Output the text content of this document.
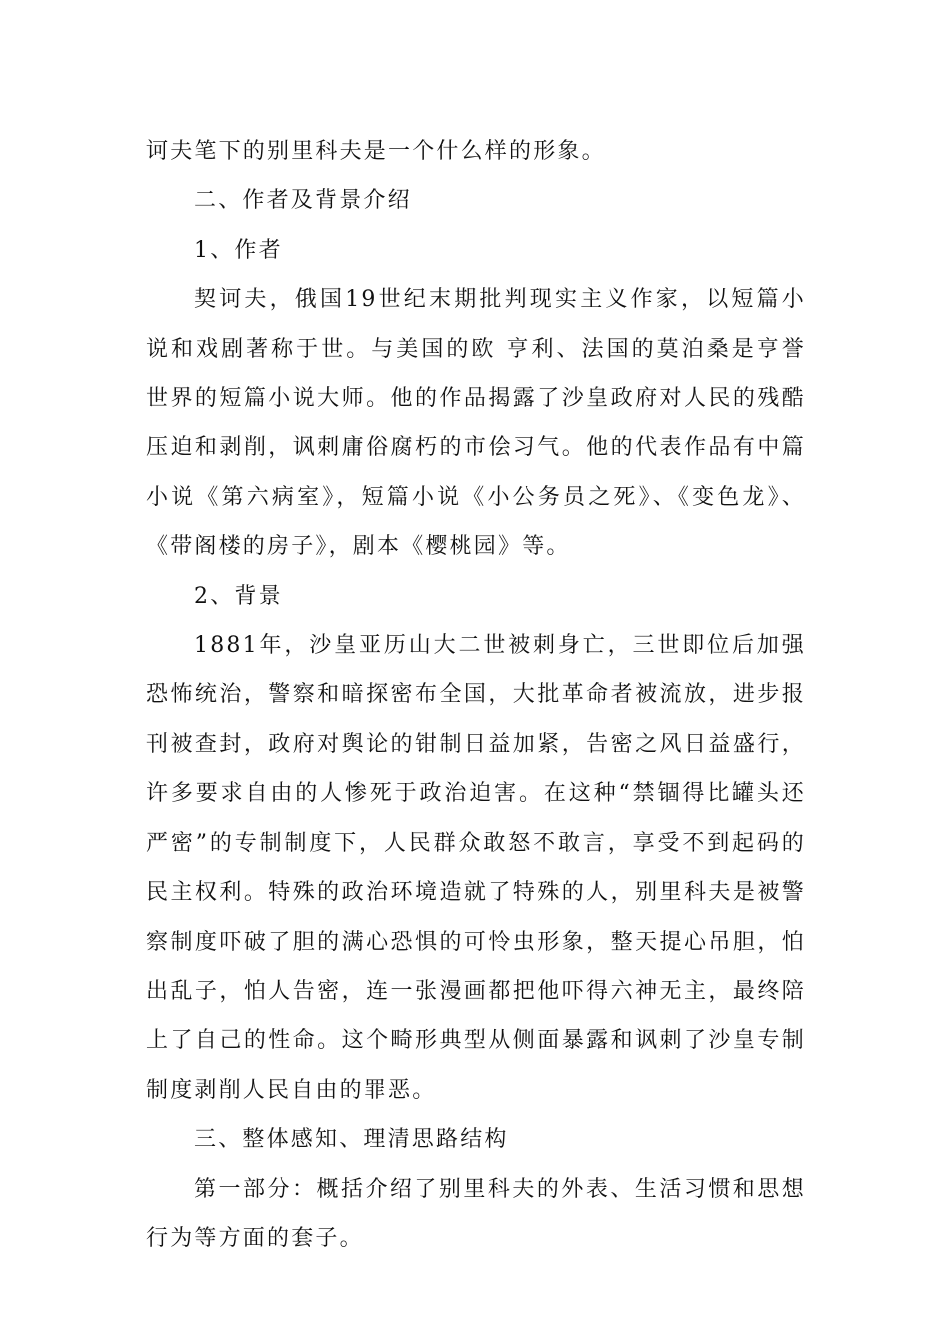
诃夫笔下的别里科夫是一个什么样的形象。

二、作者及背景介绍

1、作者

契诃夫，俄国19世纪末期批判现实主义作家，以短篇小说和戏剧著称于世。与美国的欧 亨利、法国的莫泊桑是亨誉世界的短篇小说大师。他的作品揭露了沙皇政府对人民的残酷压迫和剥削，讽刺庸俗腐朽的市侩习气。他的代表作品有中篇小说《第六病室》，短篇小说《小公务员之死》、《变色龙》、《带阁楼的房子》，剧本《樱桃园》等。

2、背景

1881年，沙皇亚历山大二世被刺身亡，三世即位后加强恐怖统治，警察和暗探密布全国，大批革命者被流放，进步报刊被查封，政府对舆论的钳制日益加紧，告密之风日益盛行，许多要求自由的人惨死于政治迫害。在这种“禁锢得比罐头还严密”的专制制度下，人民群众敢怒不敢言，享受不到起码的民主权利。特殊的政治环境造就了特殊的人，别里科夫是被警察制度吓破了胆的满心恐惧的可怜虫形象，整天提心吊胆，怕出乱子，怕人告密，连一张漫画都把他吓得六神无主，最终陪上了自己的性命。这个畸形典型从侧面暴露和讽刺了沙皇专制制度剥削人民自由的罪恶。

三、整体感知、理清思路结构

第一部分：概括介绍了别里科夫的外表、生活习惯和思想行为等方面的套子。
